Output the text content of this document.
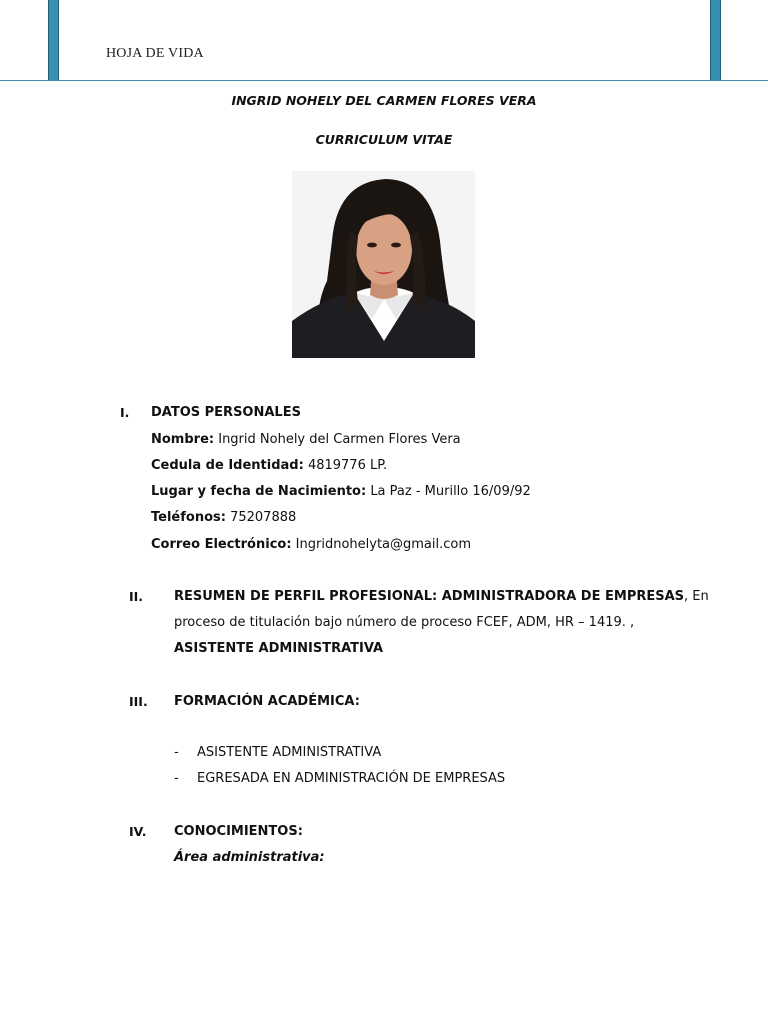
HOJA DE VIDA
INGRID NOHELY DEL CARMEN FLORES VERA
CURRICULUM VITAE
I. DATOS PERSONALES
Nombre: Ingrid Nohely del Carmen Flores Vera
Cedula de Identidad: 4819776 LP.
Lugar y fecha de Nacimiento: La Paz - Murillo 16/09/92
Teléfonos: 75207888
Correo Electrónico: Ingridnohelyta@gmail.com
II. RESUMEN DE PERFIL PROFESIONAL: ADMINISTRADORA DE EMPRESAS, En
proceso de titulación bajo número de proceso FCEF, ADM, HR – 1419. ,
ASISTENTE ADMINISTRATIVA
III. FORMACIÓN ACADÉMICA:
- ASISTENTE ADMINISTRATIVA
- EGRESADA EN ADMINISTRACIÓN DE EMPRESAS
IV. CONOCIMIENTOS:
Área administrativa:
